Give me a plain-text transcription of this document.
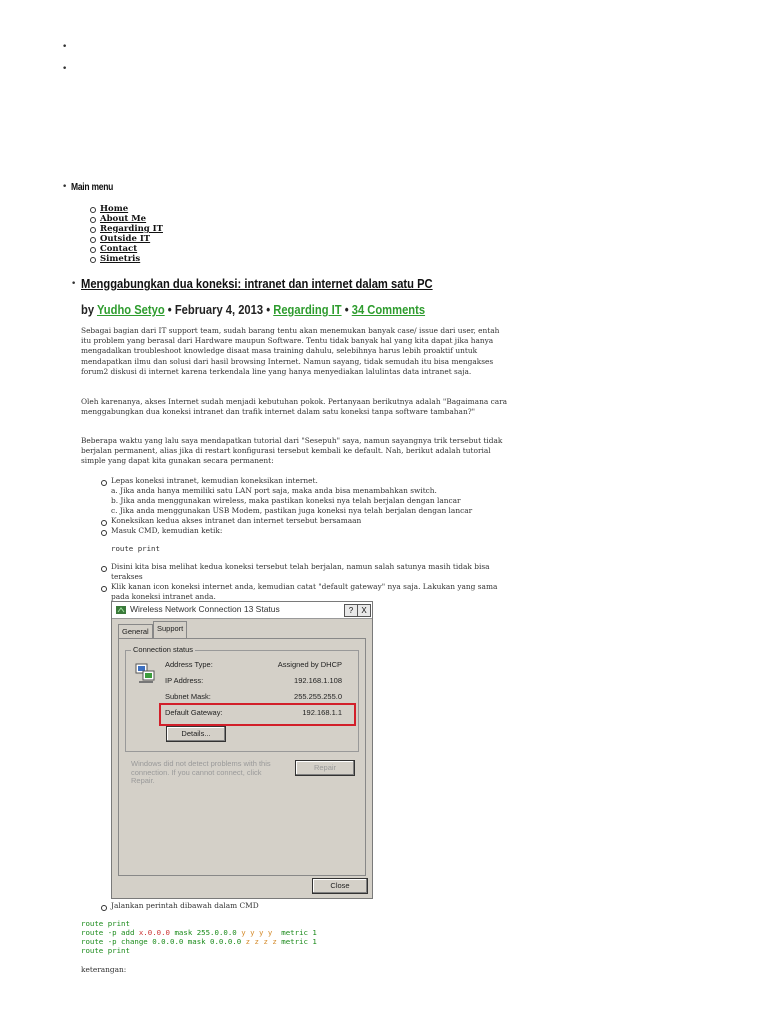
•
•
• Main menu
Home
About Me
Regarding IT
Outside IT
Contact
Simetris
• Menggabungkan dua koneksi: intranet dan internet dalam satu PC
by Yudho Setyo • February 4, 2013 • Regarding IT • 34 Comments
Sebagai bagian dari IT support team, sudah barang tentu akan menemukan banyak case/ issue dari user, entah itu problem yang berasal dari Hardware maupun Software. Tentu tidak banyak hal yang kita dapat jika hanya mengadalkan troubleshoot knowledge disaat masa training dahulu, selebihnya harus lebih proaktif untuk mendapatkan ilmu dan solusi dari hasil browsing Internet. Namun sayang, tidak semudah itu bisa mengakses forum2 diskusi di internet karena terkendala line yang hanya menyediakan lalulintas data intranet saja.
Oleh karenanya, akses Internet sudah menjadi kebutuhan pokok. Pertanyaan berikutnya adalah "Bagaimana cara menggabungkan dua koneksi intranet dan trafik internet dalam satu koneksi tanpa software tambahan?"
Beberapa waktu yang lalu saya mendapatkan tutorial dari "Sesepuh" saya, namun sayangnya trik tersebut tidak berjalan permanent, alias jika di restart konfigurasi tersebut kembali ke default. Nah, berikut adalah tutorial simple yang dapat kita gunakan secara permanent:
Lepas koneksi intranet, kemudian koneksikan internet.
a. Jika anda hanya memiliki satu LAN port saja, maka anda bisa menambahkan switch.
b. Jika anda menggunakan wireless, maka pastikan koneksi nya telah berjalan dengan lancar
c. Jika anda menggunakan USB Modem, pastikan juga koneksi nya telah berjalan dengan lancar
Koneksikan kedua akses intranet dan internet tersebut bersamaan
Masuk CMD, kemudian ketik:
route print
Disini kita bisa melihat kedua koneksi tersebut telah berjalan, namun salah satunya masih tidak bisa terakses
Klik kanan icon koneksi internet anda, kemudian catat "default gateway" nya saja. Lakukan yang sama pada koneksi intranet anda.
Wireless Network Connection 13 Status	?	X
General	Support
Connection status
Address Type:	Assigned by DHCP
IP Address:	192.168.1.108
Subnet Mask:	255.255.255.0
Default Gateway:	192.168.1.1
Details...
Windows did not detect problems with this connection. If you cannot connect, click Repair.
Repair
Close
Jalankan perintah dibawah dalam CMD
route print
route -p add x.0.0.0 mask 255.0.0.0 y y y y  metric 1
route -p change 0.0.0.0 mask 0.0.0.0 z z z z metric 1
route print
keterangan:
